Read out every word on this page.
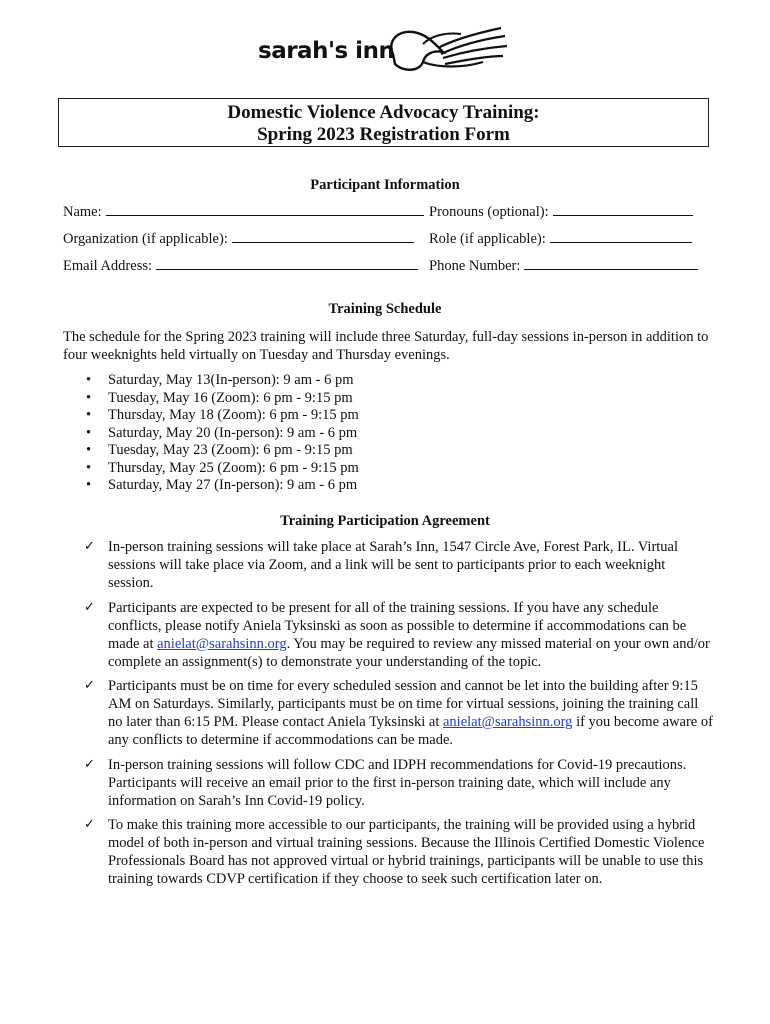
sarah's inn
Domestic Violence Advocacy Training:
Spring 2023 Registration Form
Participant Information
Name:	Pronouns (optional):
Organization (if applicable):	Role (if applicable):
Email Address:	Phone Number:
Training Schedule
The schedule for the Spring 2023 training will include three Saturday, full-day sessions in-person in addition to four weeknights held virtually on Tuesday and Thursday evenings.
• Saturday, May 13(In-person): 9 am - 6 pm
• Tuesday, May 16 (Zoom): 6 pm - 9:15 pm
• Thursday, May 18 (Zoom): 6 pm - 9:15 pm
• Saturday, May 20 (In-person): 9 am - 6 pm
• Tuesday, May 23 (Zoom): 6 pm - 9:15 pm
• Thursday, May 25 (Zoom): 6 pm - 9:15 pm
• Saturday, May 27 (In-person): 9 am - 6 pm
Training Participation Agreement
✓ In-person training sessions will take place at Sarah’s Inn, 1547 Circle Ave, Forest Park, IL. Virtual sessions will take place via Zoom, and a link will be sent to participants prior to each weeknight session.
✓ Participants are expected to be present for all of the training sessions. If you have any schedule conflicts, please notify Aniela Tyksinski as soon as possible to determine if accommodations can be made at anielat@sarahsinn.org. You may be required to review any missed material on your own and/or complete an assignment(s) to demonstrate your understanding of the topic.
✓ Participants must be on time for every scheduled session and cannot be let into the building after 9:15 AM on Saturdays. Similarly, participants must be on time for virtual sessions, joining the training call no later than 6:15 PM. Please contact Aniela Tyksinski at anielat@sarahsinn.org if you become aware of any conflicts to determine if accommodations can be made.
✓ In-person training sessions will follow CDC and IDPH recommendations for Covid-19 precautions. Participants will receive an email prior to the first in-person training date, which will include any information on Sarah’s Inn Covid-19 policy.
✓ To make this training more accessible to our participants, the training will be provided using a hybrid model of both in-person and virtual training sessions. Because the Illinois Certified Domestic Violence Professionals Board has not approved virtual or hybrid trainings, participants will be unable to use this training towards CDVP certification if they choose to seek such certification later on.
